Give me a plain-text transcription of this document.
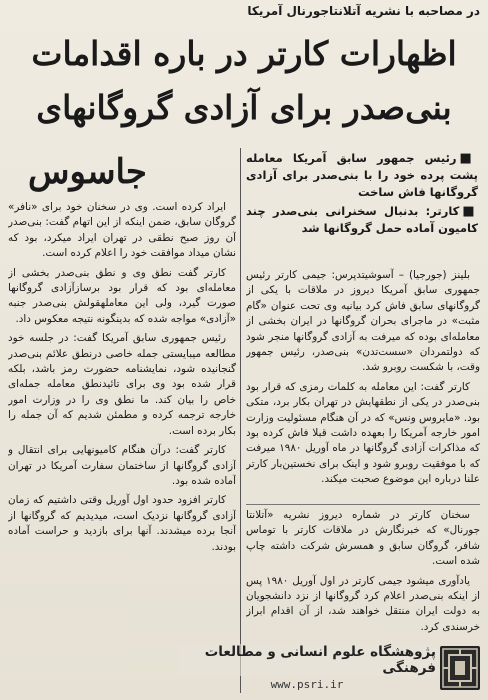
در مصاحبه با نشریه آتلانتاجورنال آمریکا
اظهارات کارتر در باره اقدامات
بنی‌صدر برای آزادی گروگانهای
جاسوس	■رئیس جمهور سابق آمریکا معامله پشت پرده خود را با بنی‌صدر برای آزادی گروگانها فاش ساخت
■کارتر: بدنبال سخنرانی بنی‌صدر چند کامیون آماده حمل گروگانها شد

بلینز (جورجیا) – آسوشیتدپرس: جیمی کارتر رئیس جمهوری سابق آمریکا دیروز در ملاقات با یکی از گروگانهای سابق فاش کرد بیانیه وی تحت عنوان «گام مثبت» در ماجرای بحران گروگانها در ایران بخشی از معامله‌ای بوده که میرفت به آزادی گروگانها منجر شود که دولتمردان «سست‌تدن» بنی‌صدر، رئیس جمهور وقت، با شکست روبرو شد.

کارتر گفت: این معامله به کلمات رمزی که قرار بود بنی‌صدر در یکی از نطقهایش در تهران بکار برد، متکی بود. «مایروس ونس» که در آن هنگام مسئولیت وزارت امور خارجه آمریکا را بعهده داشت قبلا فاش کرده بود که مذاکرات آزادی گروگانها در ماه آوریل ۱۹۸۰ میرفت که با موفقیت روبرو شود و اینک برای نخستین‌بار کارتر علنا درباره این موضوع صحبت میکند.

سخنان کارتر در شماره دیروز نشریه «آتلانتا جورنال» که خبرنگارش در ملاقات کارتر با توماس شافر، گروگان سابق و همسرش شرکت داشته چاپ شده است.

یادآوری میشود جیمی کارتر در اول آوریل ۱۹۸۰ پس از اینکه بنی‌صدر اعلام کرد گروگانها از نزد دانشجویان به دولت ایران منتقل خواهند شد، از آن اقدام ابراز خرسندی کرد.

ایراد کرده است. وی در سخنان خود برای «نافر» گروگان سابق، ضمن اینکه از این اتهام گفت: بنی‌صدر آن روز صبح نطقی در تهران ایراد میکرد، بود که نشان میداد موافقت خود را اعلام کرده است.

کارتر گفت نطق وی و نطق بنی‌صدر بخشی از معامله‌ای بود که قرار بود برسازآزادی گروگانها صورت گیرد، ولی این معاملهقولش بنی‌صدر جنبه «آزادی» مواجه شده که بدینگونه نتیجه معکوس داد.

رئیس جمهوری سابق آمریکا گفت: در جلسه خود مطالعه میبایستی جمله خاصی درنطق علائم بنی‌صدر گنجانیده شود، نمایشنامه حضورت رمز باشد، بلکه قرار شده بود وی برای تائیدنطق معامله جمله‌ای خاص را بیان کند. ما نطق وی را در وزارت امور خارجه ترجمه کرده و مطمئن شدیم که آن جمله را بکار برده است.

کارتر گفت: درآن هنگام کامیونهایی برای انتقال و آزادی گروگانها از ساختمان سفارت آمریکا در تهران آماده شده بود.

کارتر افزود حدود اول آوریل وقتی داشتیم که زمان آزادی گروگانها نزدیک است، میدیدیم که گروگانها از آنجا برده میشدند. آنها برای بازدید و حراست آماده بودند.

پژوهشگاه علوم انسانی و مطالعات فرهنگی
www.psri.ir
